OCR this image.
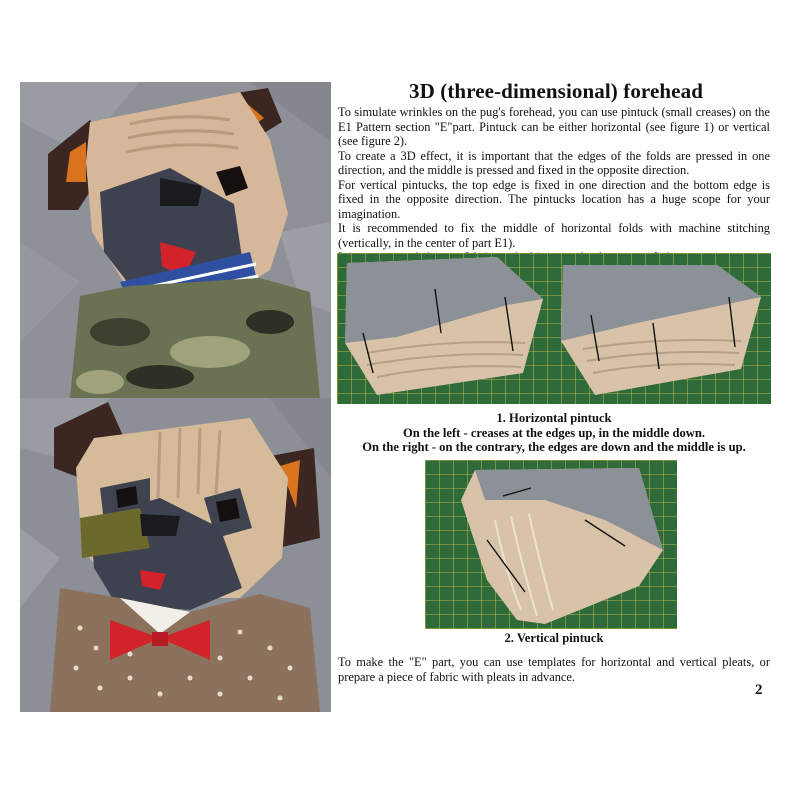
3D (three-dimensional) forehead

To simulate wrinkles on the pug's forehead, you can use pintuck (small creases) on the E1 Pattern section "E"part. Pintuck can be either horizontal (see figure 1) or vertical (see figure 2).

To create a 3D effect, it is important that the edges of the folds are pressed in one direction, and the middle is pressed and fixed in the opposite direction.

For vertical pintucks, the top edge is fixed in one direction and the bottom edge is fixed in the opposite direction. The pintucks location has a huge scope for your imagination.

It is recommended to fix the middle of horizontal folds with machine stitching (vertically, in the center of part E1).

1. Horizontal pintuck
On the left - creases at the edges up, in the middle down.
On the right - on the contrary, the edges are down and the middle is up.
2. Vertical pintuck
To make the "E" part, you can use templates for horizontal and vertical pleats, or prepare a piece of fabric with pleats in advance.
2
